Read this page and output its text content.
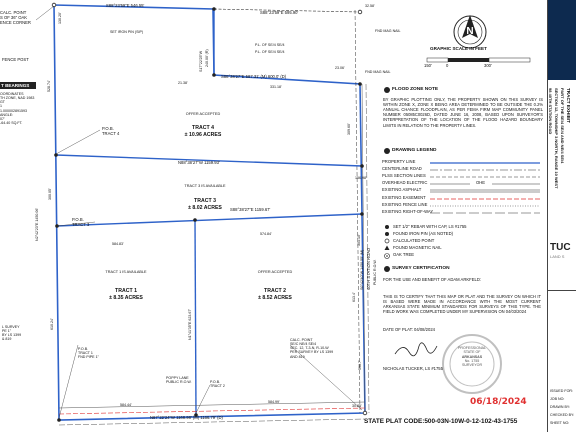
CALC. POINT
S OF 36" OAK
ENCE CORNER
FENCE POST
T BEARINGS
OORDINATES
TH ZONE, NAD 1983
GT
1
1.000002891593
ANGLE:
07'
-64.40 SQ.FT.
N
SET IRON PIN (SIP)
S88°23'59"E 546.55'
S88°23'59"E 595.90'
130.20'
32.58'
FND MAG NAIL
FND MAG NAIL
P.L. OF SE/4 SE/4
P.L. OF SE/4 SE/4
S17°22'25"W 240.00' (R)
S88°38'27"E 587.31' (M) 600.0' (D)
21.38'
23.06'
331.18'
528.74'
309.60'
P.O.B.
TRACT 4
OFFER ACCEPTED
TRACT 4
± 10.96 ACRES
N88°38'27"W 1159.93'
156.98'
TRACT 3 IS AVAILABLE
TRACT 3
± 8.02 ACRES
N2°42'23"E 1450.06'
300.05'
P.O.B.
TRACT 3
S88°38'27"E 1159.67'
584.83'
574.84'
TRACT 1 IS AVAILABLE
TRACT 1
± 8.35 ACRES
OFFER ACCEPTED
TRACT 2
± 8.52 ACRES
N1°41'35"E 623.67'
610.24'
613.4'
596.7'
301.10'
40TH STATION ROAD PUBLIC R.O.W.
S0°42'40"W 1450.55' (M)
L SURVEY
PE 1"
BY LS 1399
& 819
P.O.B.
TRACT 1
FND PIPE 1"
CALC. POINT
SE/C NE/4 SE/4
SEC. 12, T-3-N, R-10-W
PER SURVEY BY LS 1399
AND 819
POPPY LANE
PUBLIC R.O.W.	P.O.B.
TRACT 2
584.44'
584.99'
N87°22'24"W 1168.98' (M) 1166.79' (D)
30.85'
GRAPHIC SCALE IN FEET
0
150'	300'
FLOOD ZONE NOTE
BY GRAPHIC PLOTTING ONLY, THE PROPERTY SHOWN ON THIS SURVEY IS WITHIN ZONE X, ZONE X BEING AREA DETERMINED TO BE OUTSIDE THE 0.2% ANNUAL CHANCE FLOODPLAIN, AS PER FEMA FIRM MAP COMMUNITY PANEL NUMBER 05085C0026D, DATED JUNE 16, 2008, BASED UPON SURVEYOR'S INTERPRETATION OF THE LOCATION OF THE FLOOD HAZARD BOUNDARY LIMITS IN RELATION TO THE PROPERTY LINES.
DRAWING LEGEND
PROPERTY LINE
CENTERLINE ROAD
PLSS SECTION LINES
OVERHEAD ELECTRIC	OHE
EXISTING ASPHALT
EXISTING EASEMENT
EXISTING FENCE LINE
EXISTING RIGHT-OF-WAY
SET 1/2" REBAR WITH CAP, LS #1755
FOUND IRON PIN (AS NOTED)
CALCULATED POINT
FOUND MAGNETIC NAIL
OAK TREE
SURVEY CERTIFICATION
FOR THE USE AND BENEFIT OF ADAM ARKFELD:
THIS IS TO CERTIFY THAT THIS MAP OR PLAT AND THE SURVEY ON WHICH IT IS BASED WERE MADE IN ACCORDANCE WITH THE MOST CURRENT ARKANSAS STATE MINIMUM STANDARDS FOR SURVEYS OF THIS TYPE. THE FIELD WORK WAS COMPLETED UNDER MY SUPERVISION ON 04/03/2024
DATE OF PLAT: 04/08/2024
NICHOLAS TUCKER, LS #1755
PROFESSIONAL
STATE OF
ARKANSAS
No. 1755
SURVEYOR
06/18/2024
STATE PLAT CODE:500-03N-10W-0-12-102-43-1755
TRACT EXHIBIT
PART OF THE SE/4 SE/4 AND NE/4 SE/4
SECTION 12, TOWNSHIP 3 NORTH, RANGE 10 WEST
98 40TH STATION ROAD
TUC
LAND S
ISSUED FOR:
JOB NO:
DRAWN BY:
CHECKED BY:
SHEET NO:
